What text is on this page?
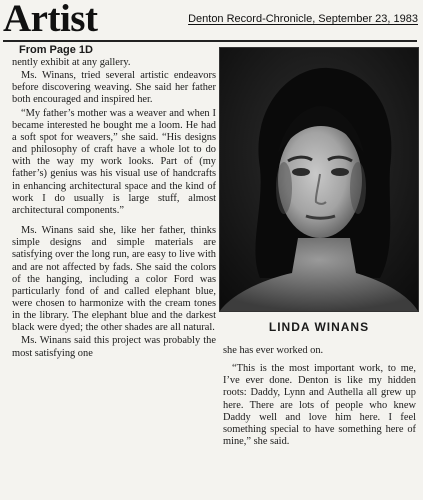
Artist	Denton Record-Chronicle, September 23, 1983
From Page 1D

nently exhibit at any gallery.

Ms. Winans, tried several artistic endeavors before discovering weaving. She said her father both encouraged and inspired her.

“My father’s mother was a weaver and when I became interested he bought me a loom. He had a soft spot for weavers,” she said. “His designs and philosophy of craft have a whole lot to do with the way my work looks. Part of (my father’s) genius was his visual use of handcrafts in enhancing architectural space and the kind of work I do usually is large stuff, almost architectural components.”

Ms. Winans said she, like her father, thinks simple designs and simple materials are satisfying over the long run, are easy to live with and are not affected by fads. She said the colors of the hanging, including a color Ford was particularly fond of and called elephant blue, were chosen to harmonize with the cream tones in the library. The elephant blue and the darkest black were dyed; the other shades are all natural.

Ms. Winans said this project was probably the most satisfying one

LINDA WINANS

she has ever worked on.

“This is the most important work, to me, I’ve ever done. Denton is like my hidden roots: Daddy, Lynn and Authella all grew up here. There are lots of people who knew Daddy well and love him here. I feel something special to have something here of mine,” she said.
